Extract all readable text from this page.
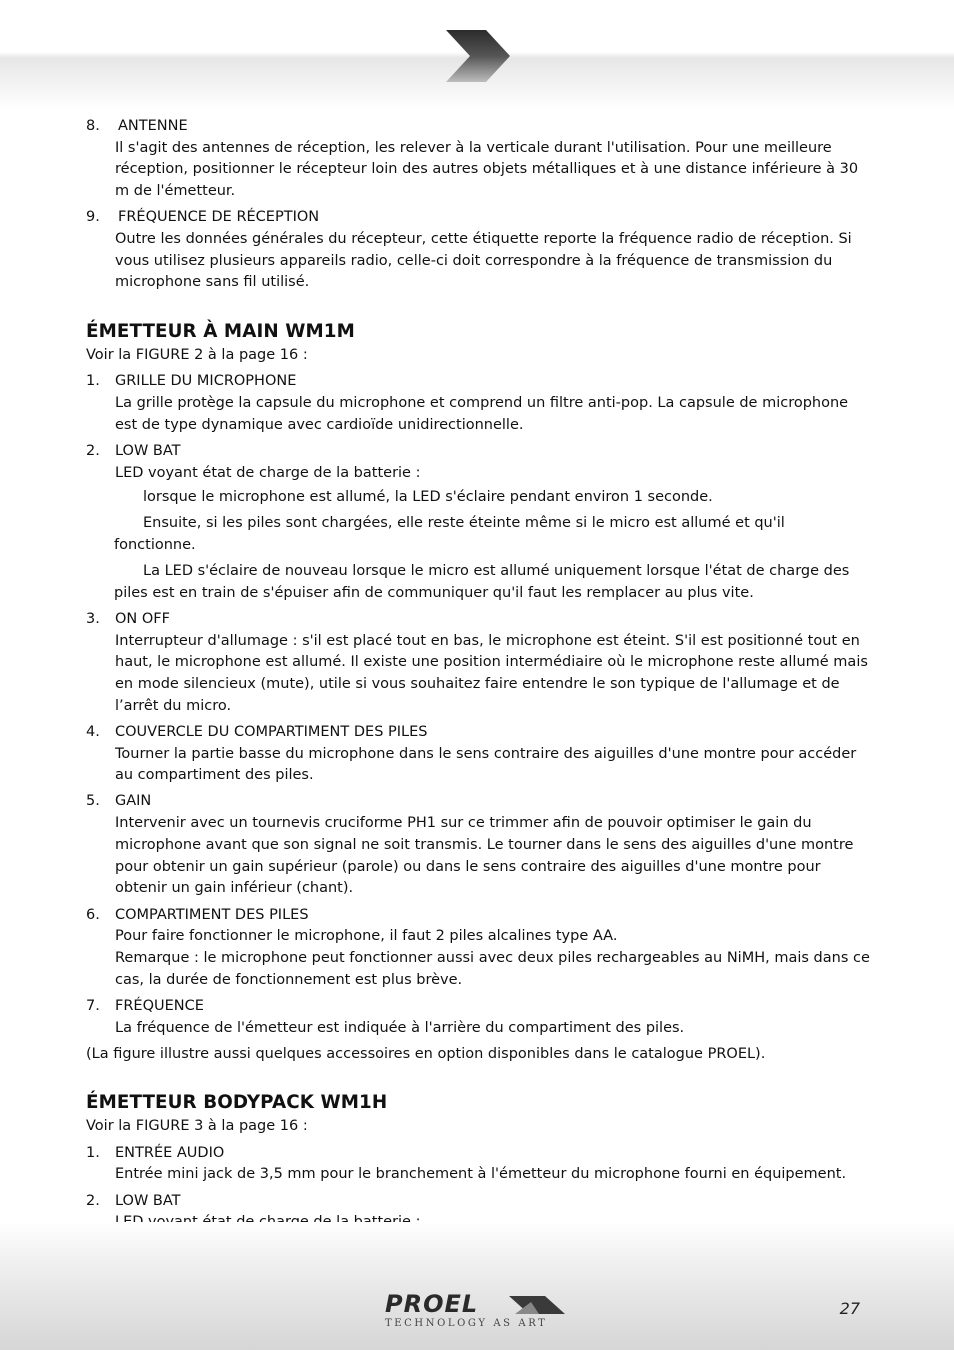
8. ANTENNE
Il s'agit des antennes de réception, les relever à la verticale durant l'utilisation. Pour une meilleure réception, positionner le récepteur loin des autres objets métalliques et à une distance inférieure à 30 m de l'émetteur.
9. FRÉQUENCE DE RÉCEPTION
Outre les données générales du récepteur, cette étiquette reporte la fréquence radio de réception. Si vous utilisez plusieurs appareils radio, celle-ci doit correspondre à la fréquence de transmission du microphone sans fil utilisé.
ÉMETTEUR À MAIN WM1M
Voir la FIGURE 2 à la page 16 :
1. GRILLE DU MICROPHONE
La grille protège la capsule du microphone et comprend un filtre anti-pop. La capsule de microphone est de type dynamique avec cardioïde unidirectionnelle.
2. LOW BAT
LED voyant état de charge de la batterie :
lorsque le microphone est allumé, la LED s'éclaire pendant environ 1 seconde.
Ensuite, si les piles sont chargées, elle reste éteinte même si le micro est allumé et qu'il fonctionne.
La LED s'éclaire de nouveau lorsque le micro est allumé uniquement lorsque l'état de charge des piles est en train de s'épuiser afin de communiquer qu'il faut les remplacer au plus vite.
3. ON OFF
Interrupteur d'allumage : s'il est placé tout en bas, le microphone est éteint. S'il est positionné tout en haut, le microphone est allumé. Il existe une position intermédiaire où le microphone reste allumé mais en mode silencieux (mute), utile si vous souhaitez faire entendre le son typique de l'allumage et de l’arrêt du micro.
4. COUVERCLE DU COMPARTIMENT DES PILES
Tourner la partie basse du microphone dans le sens contraire des aiguilles d'une montre pour accéder au compartiment des piles.
5. GAIN
Intervenir avec un tournevis cruciforme PH1 sur ce trimmer afin de pouvoir optimiser le gain du microphone avant que son signal ne soit transmis. Le tourner dans le sens des aiguilles d'une montre pour obtenir un gain supérieur (parole) ou dans le sens contraire des aiguilles d'une montre pour obtenir un gain inférieur (chant).
6. COMPARTIMENT DES PILES
Pour faire fonctionner le microphone, il faut 2 piles alcalines type AA.
Remarque : le microphone peut fonctionner aussi avec deux piles rechargeables au NiMH, mais dans ce cas, la durée de fonctionnement est plus brève.
7. FRÉQUENCE
La fréquence de l'émetteur est indiquée à l'arrière du compartiment des piles.
(La figure illustre aussi quelques accessoires en option disponibles dans le catalogue PROEL).
ÉMETTEUR BODYPACK WM1H
Voir la FIGURE 3 à la page 16 :
1. ENTRÉE AUDIO
Entrée mini jack de 3,5 mm pour le branchement à l'émetteur du microphone fourni en équipement.
2. LOW BAT
PROEL
TECHNOLOGY AS ART
27
